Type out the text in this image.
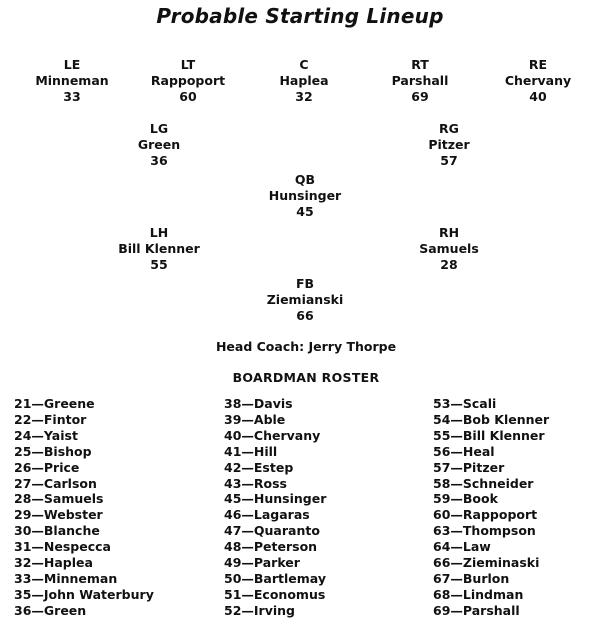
Probable Starting Lineup
LE
Minneman
33
LT
Rappoport
60
C
Haplea
32
RT
Parshall
69
RE
Chervany
40
LG
Green
36
RG
Pitzer
57
QB
Hunsinger
45
LH
Bill Klenner
55
RH
Samuels
28
FB
Ziemianski
66
Head Coach: Jerry Thorpe
BOARDMAN ROSTER
21—Greene
22—Fintor
24—Yaist
25—Bishop
26—Price
27—Carlson
28—Samuels
29—Webster
30—Blanche
31—Nespecca
32—Haplea
33—Minneman
35—John Waterbury
36—Green
38—Davis
39—Able
40—Chervany
41—Hill
42—Estep
43—Ross
45—Hunsinger
46—Lagaras
47—Quaranto
48—Peterson
49—Parker
50—Bartlemay
51—Economus
52—Irving
53—Scali
54—Bob Klenner
55—Bill Klenner
56—Heal
57—Pitzer
58—Schneider
59—Book
60—Rappoport
63—Thompson
64—Law
66—Zieminaski
67—Burlon
68—Lindman
69—Parshall
